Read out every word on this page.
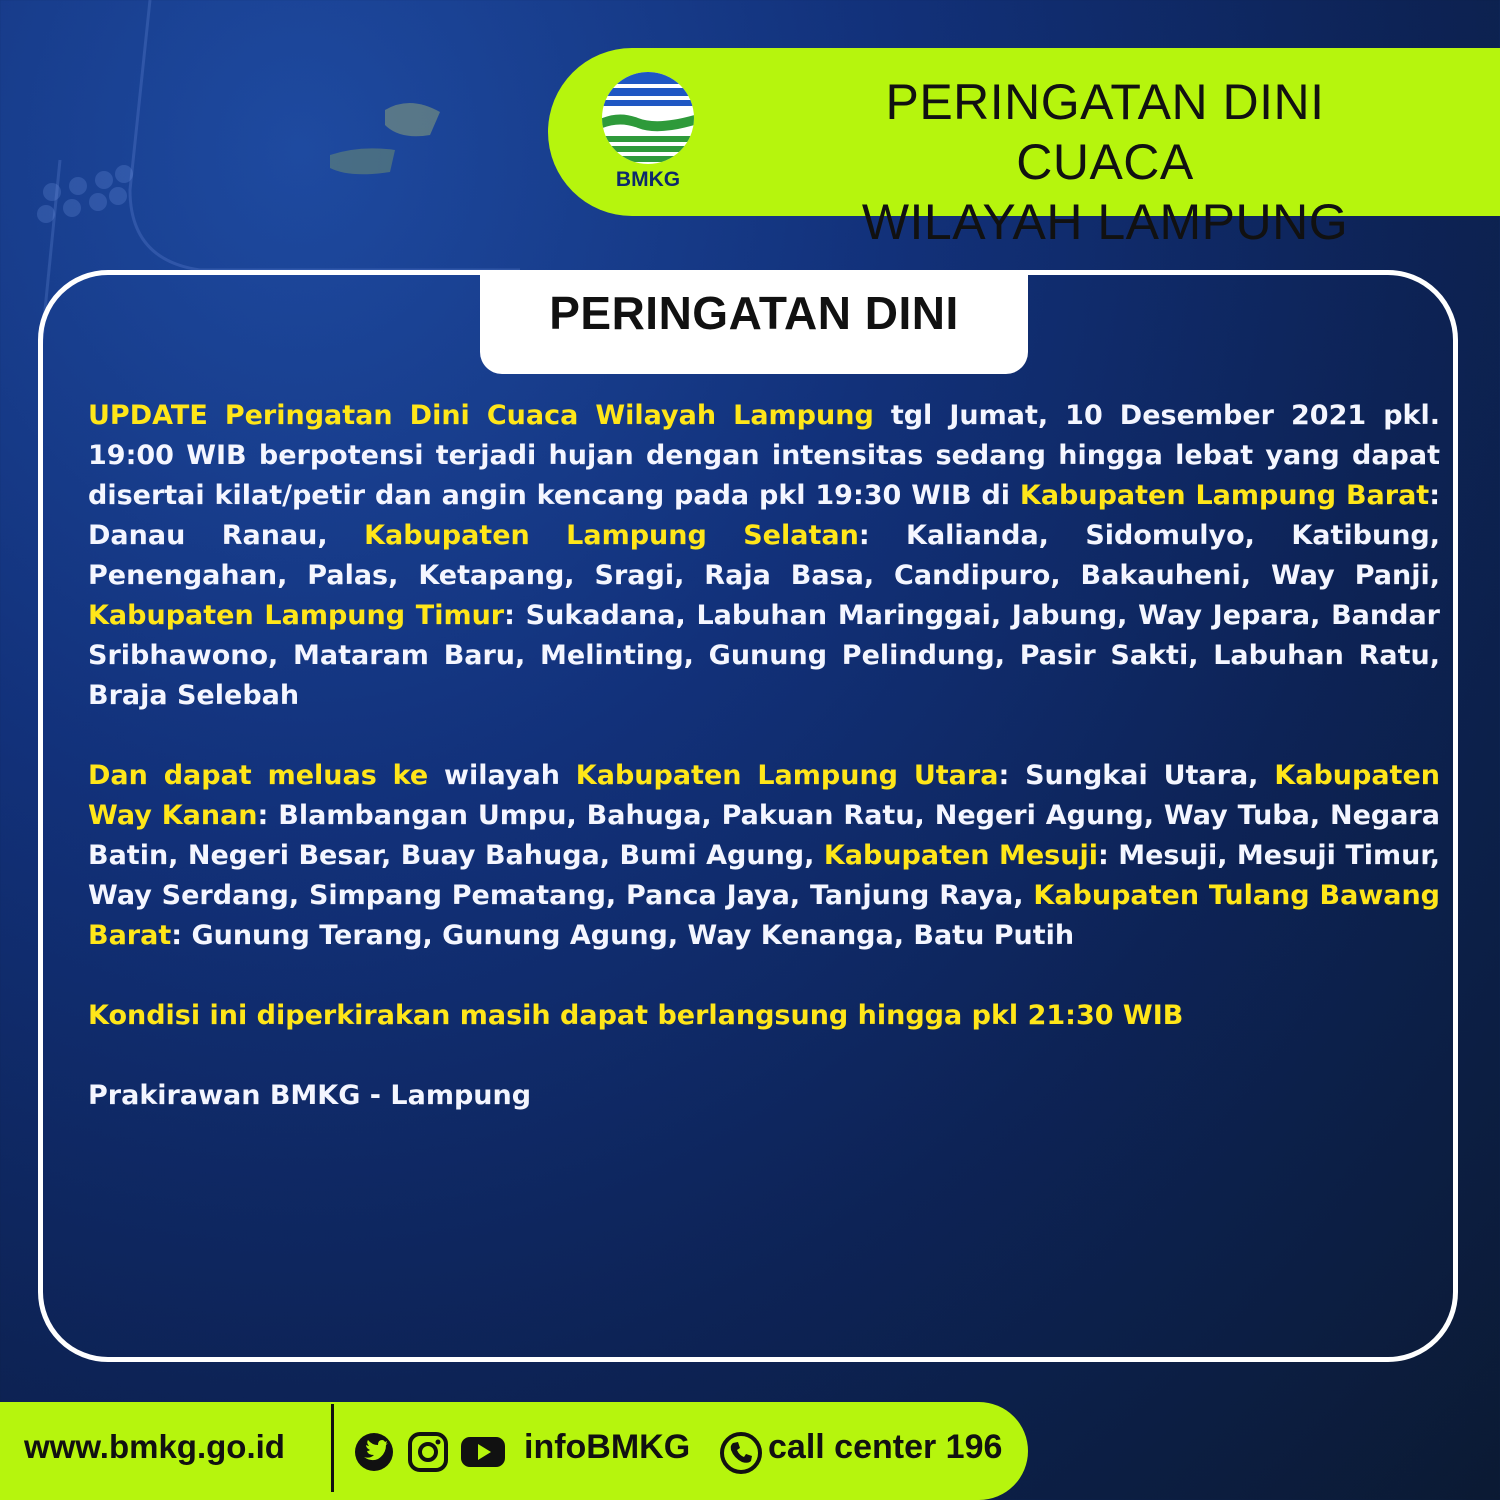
BMKG
PERINGATAN DINI CUACA
WILAYAH LAMPUNG
PERINGATAN DINI

UPDATE Peringatan Dini Cuaca Wilayah Lampung tgl Jumat, 10 Desember 2021 pkl. 19:00 WIB berpotensi terjadi hujan dengan intensitas sedang hingga lebat yang dapat disertai kilat/petir dan angin kencang pada pkl 19:30 WIB di Kabupaten Lampung Barat: Danau Ranau, Kabupaten Lampung Selatan: Kalianda, Sidomulyo, Katibung, Penengahan, Palas, Ketapang, Sragi, Raja Basa, Candipuro, Bakauheni, Way Panji, Kabupaten Lampung Timur: Sukadana, Labuhan Maringgai, Jabung, Way Jepara, Bandar Sribhawono, Mataram Baru, Melinting, Gunung Pelindung, Pasir Sakti, Labuhan Ratu, Braja Selebah

Dan dapat meluas ke wilayah Kabupaten Lampung Utara: Sungkai Utara, Kabupaten Way Kanan: Blambangan Umpu, Bahuga, Pakuan Ratu, Negeri Agung, Way Tuba, Negara Batin, Negeri Besar, Buay Bahuga, Bumi Agung, Kabupaten Mesuji: Mesuji, Mesuji Timur, Way Serdang, Simpang Pematang, Panca Jaya, Tanjung Raya, Kabupaten Tulang Bawang Barat: Gunung Terang, Gunung Agung, Way Kenanga, Batu Putih

Kondisi ini diperkirakan masih dapat berlangsung hingga pkl 21:30 WIB

Prakirawan BMKG - Lampung

www.bmkg.go.id	infoBMKG call center 196
